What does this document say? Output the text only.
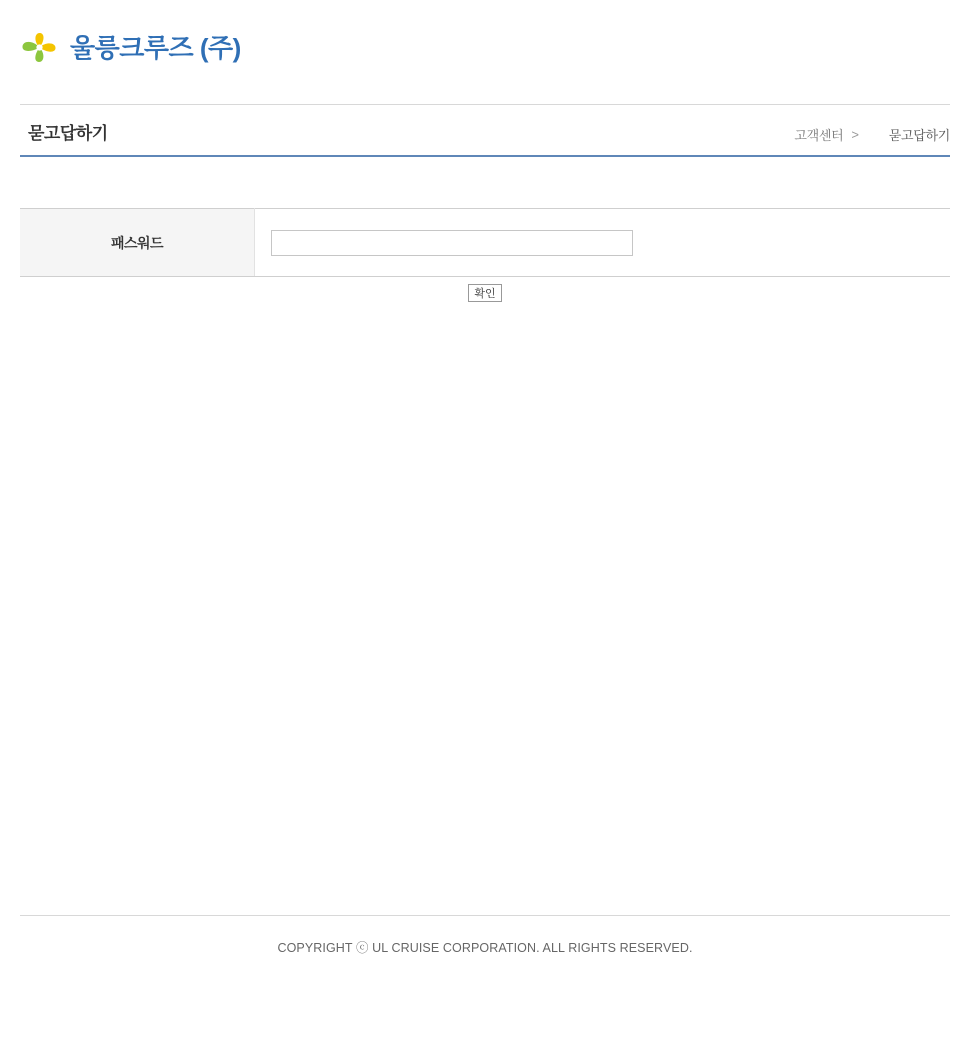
울릉크루즈 (주)
묻고답하기	고객센터 > 묻고답하기
패스워드	
확인
COPYRIGHT ⓒ UL CRUISE CORPORATION. ALL RIGHTS RESERVED.
